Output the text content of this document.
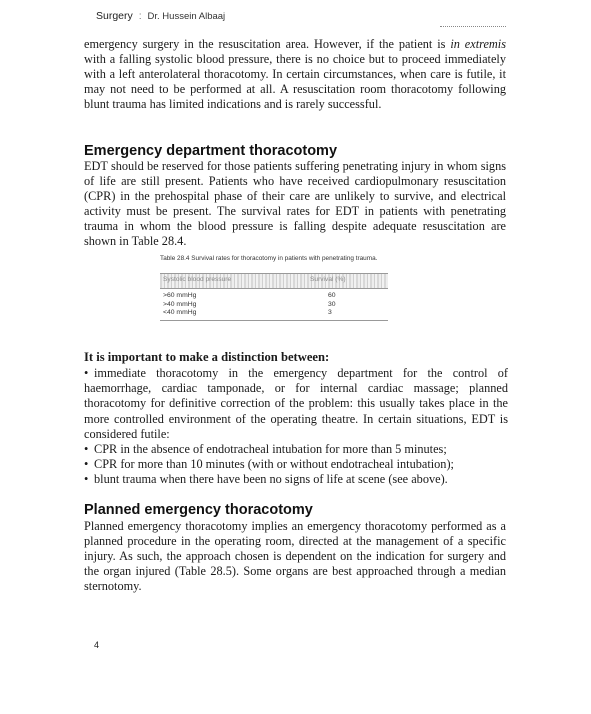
Surgery : Dr. Hussein Albaaj

emergency surgery in the resuscitation area. However, if the patient is in extremis with a falling systolic blood pressure, there is no choice but to proceed immediately with a left anterolateral thoracotomy. In certain circumstances, when care is futile, it may not need to be performed at all. A resuscitation room thoracotomy following blunt trauma has limited indications and is rarely successful.

Emergency department thoracotomy

EDT should be reserved for those patients suffering penetrating injury in whom signs of life are still present. Patients who have received cardiopulmonary resuscitation (CPR) in the prehospital phase of their care are unlikely to survive, and electrical activity must be present. The survival rates for EDT in patients with penetrating trauma in whom the blood pressure is falling despite adequate resuscitation are shown in Table 28.4.

Table 28.4 Survival rates for thoracotomy in patients with penetrating trauma.
Systolic blood pressure	Survival (%)
>60 mmHg	60
>40 mmHg	30
<40 mmHg	3

It is important to make a distinction between:

• immediate thoracotomy in the emergency department for the control of haemorrhage, cardiac tamponade, or for internal cardiac massage; planned thoracotomy for definitive correction of the problem: this usually takes place in the more controlled environment of the operating theatre. In certain situations, EDT is considered futile:
• CPR in the absence of endotracheal intubation for more than 5 minutes;
• CPR for more than 10 minutes (with or without endotracheal intubation);
• blunt trauma when there have been no signs of life at scene (see above).
Planned emergency thoracotomy

Planned emergency thoracotomy implies an emergency thoracotomy performed as a planned procedure in the operating room, directed at the management of a specific injury. As such, the approach chosen is dependent on the indication for surgery and the organ injured (Table 28.5). Some organs are best approached through a median sternotomy.

4
